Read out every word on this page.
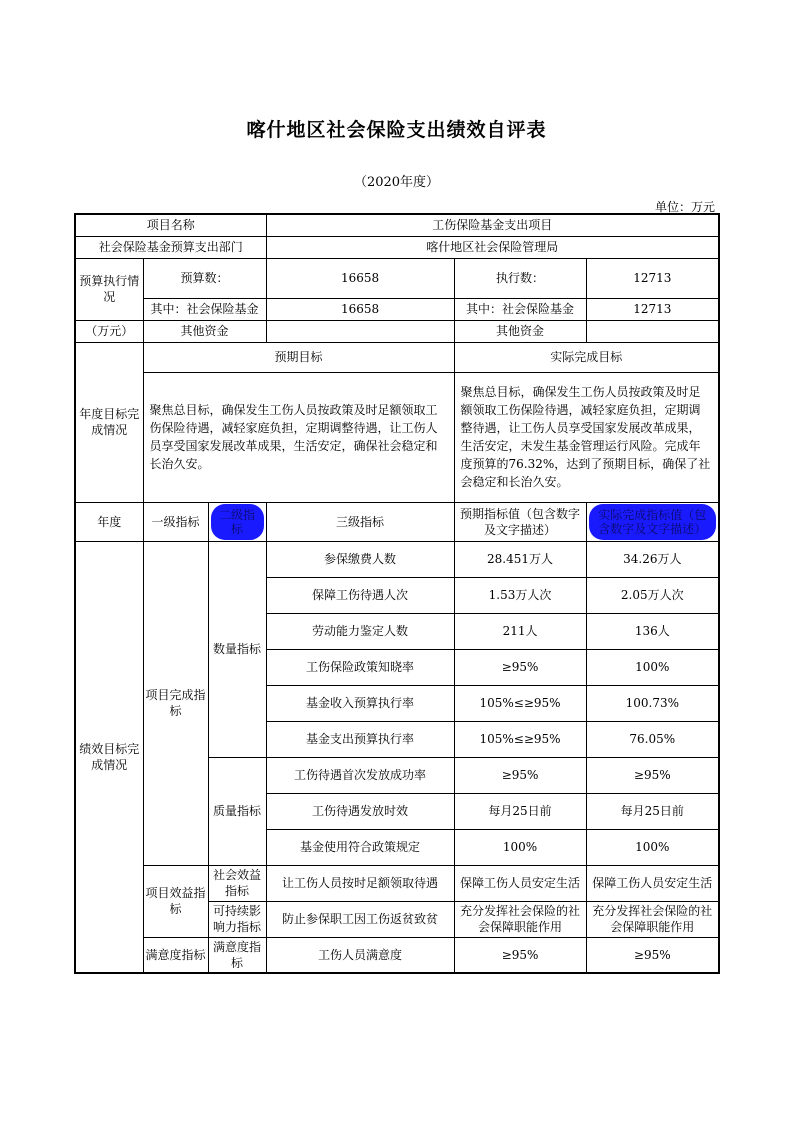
喀什地区社会保险支出绩效自评表
（2020年度）
单位：万元
项目名称			工伤保险基金支出项目		
社会保险基金预算支出部门			喀什地区社会保险管理局		
预算执行情况	预算数：		16658	执行数：	12713
	其中：社会保险基金		16658	其中：社会保险基金	12713
（万元）	其他资金			其他资金	
年度目标完成情况	预期目标			实际完成目标	
	聚焦总目标，确保发生工伤人员按政策及时足额领取工伤保险待遇，减轻家庭负担，定期调整待遇，让工伤人员享受国家发展改革成果，生活安定，确保社会稳定和长治久安。			聚焦总目标，确保发生工伤人员按政策及时足额领取工伤保险待遇，减轻家庭负担，定期调整待遇，让工伤人员享受国家发展改革成果，生活安定，未发生基金管理运行风险。完成年度预算的76.32%，达到了预期目标，确保了社会稳定和长治久安。	
年度	一级指标	二级指标	三级指标	预期指标值（包含数字及文字描述）	实际完成指标值（包含数字及文字描述）
绩效目标完成情况	项目完成指标	数量指标	参保缴费人数	28.451万人	34.26万人
			保障工伤待遇人次	1.53万人次	2.05万人次
			劳动能力鉴定人数	211人	136人
			工伤保险政策知晓率	≥95%	100%
			基金收入预算执行率	105%≤≥95%	100.73%
			基金支出预算执行率	105%≤≥95%	76.05%
		质量指标	工伤待遇首次发放成功率	≥95%	≥95%
			工伤待遇发放时效	每月25日前	每月25日前
			基金使用符合政策规定	100%	100%
	项目效益指标	社会效益指标	让工伤人员按时足额领取待遇	保障工伤人员安定生活	保障工伤人员安定生活
		可持续影响力指标	防止参保职工因工伤返贫致贫	充分发挥社会保险的社会保障职能作用	充分发挥社会保险的社会保障职能作用
	满意度指标	满意度指标	工伤人员满意度	≥95%	≥95%
